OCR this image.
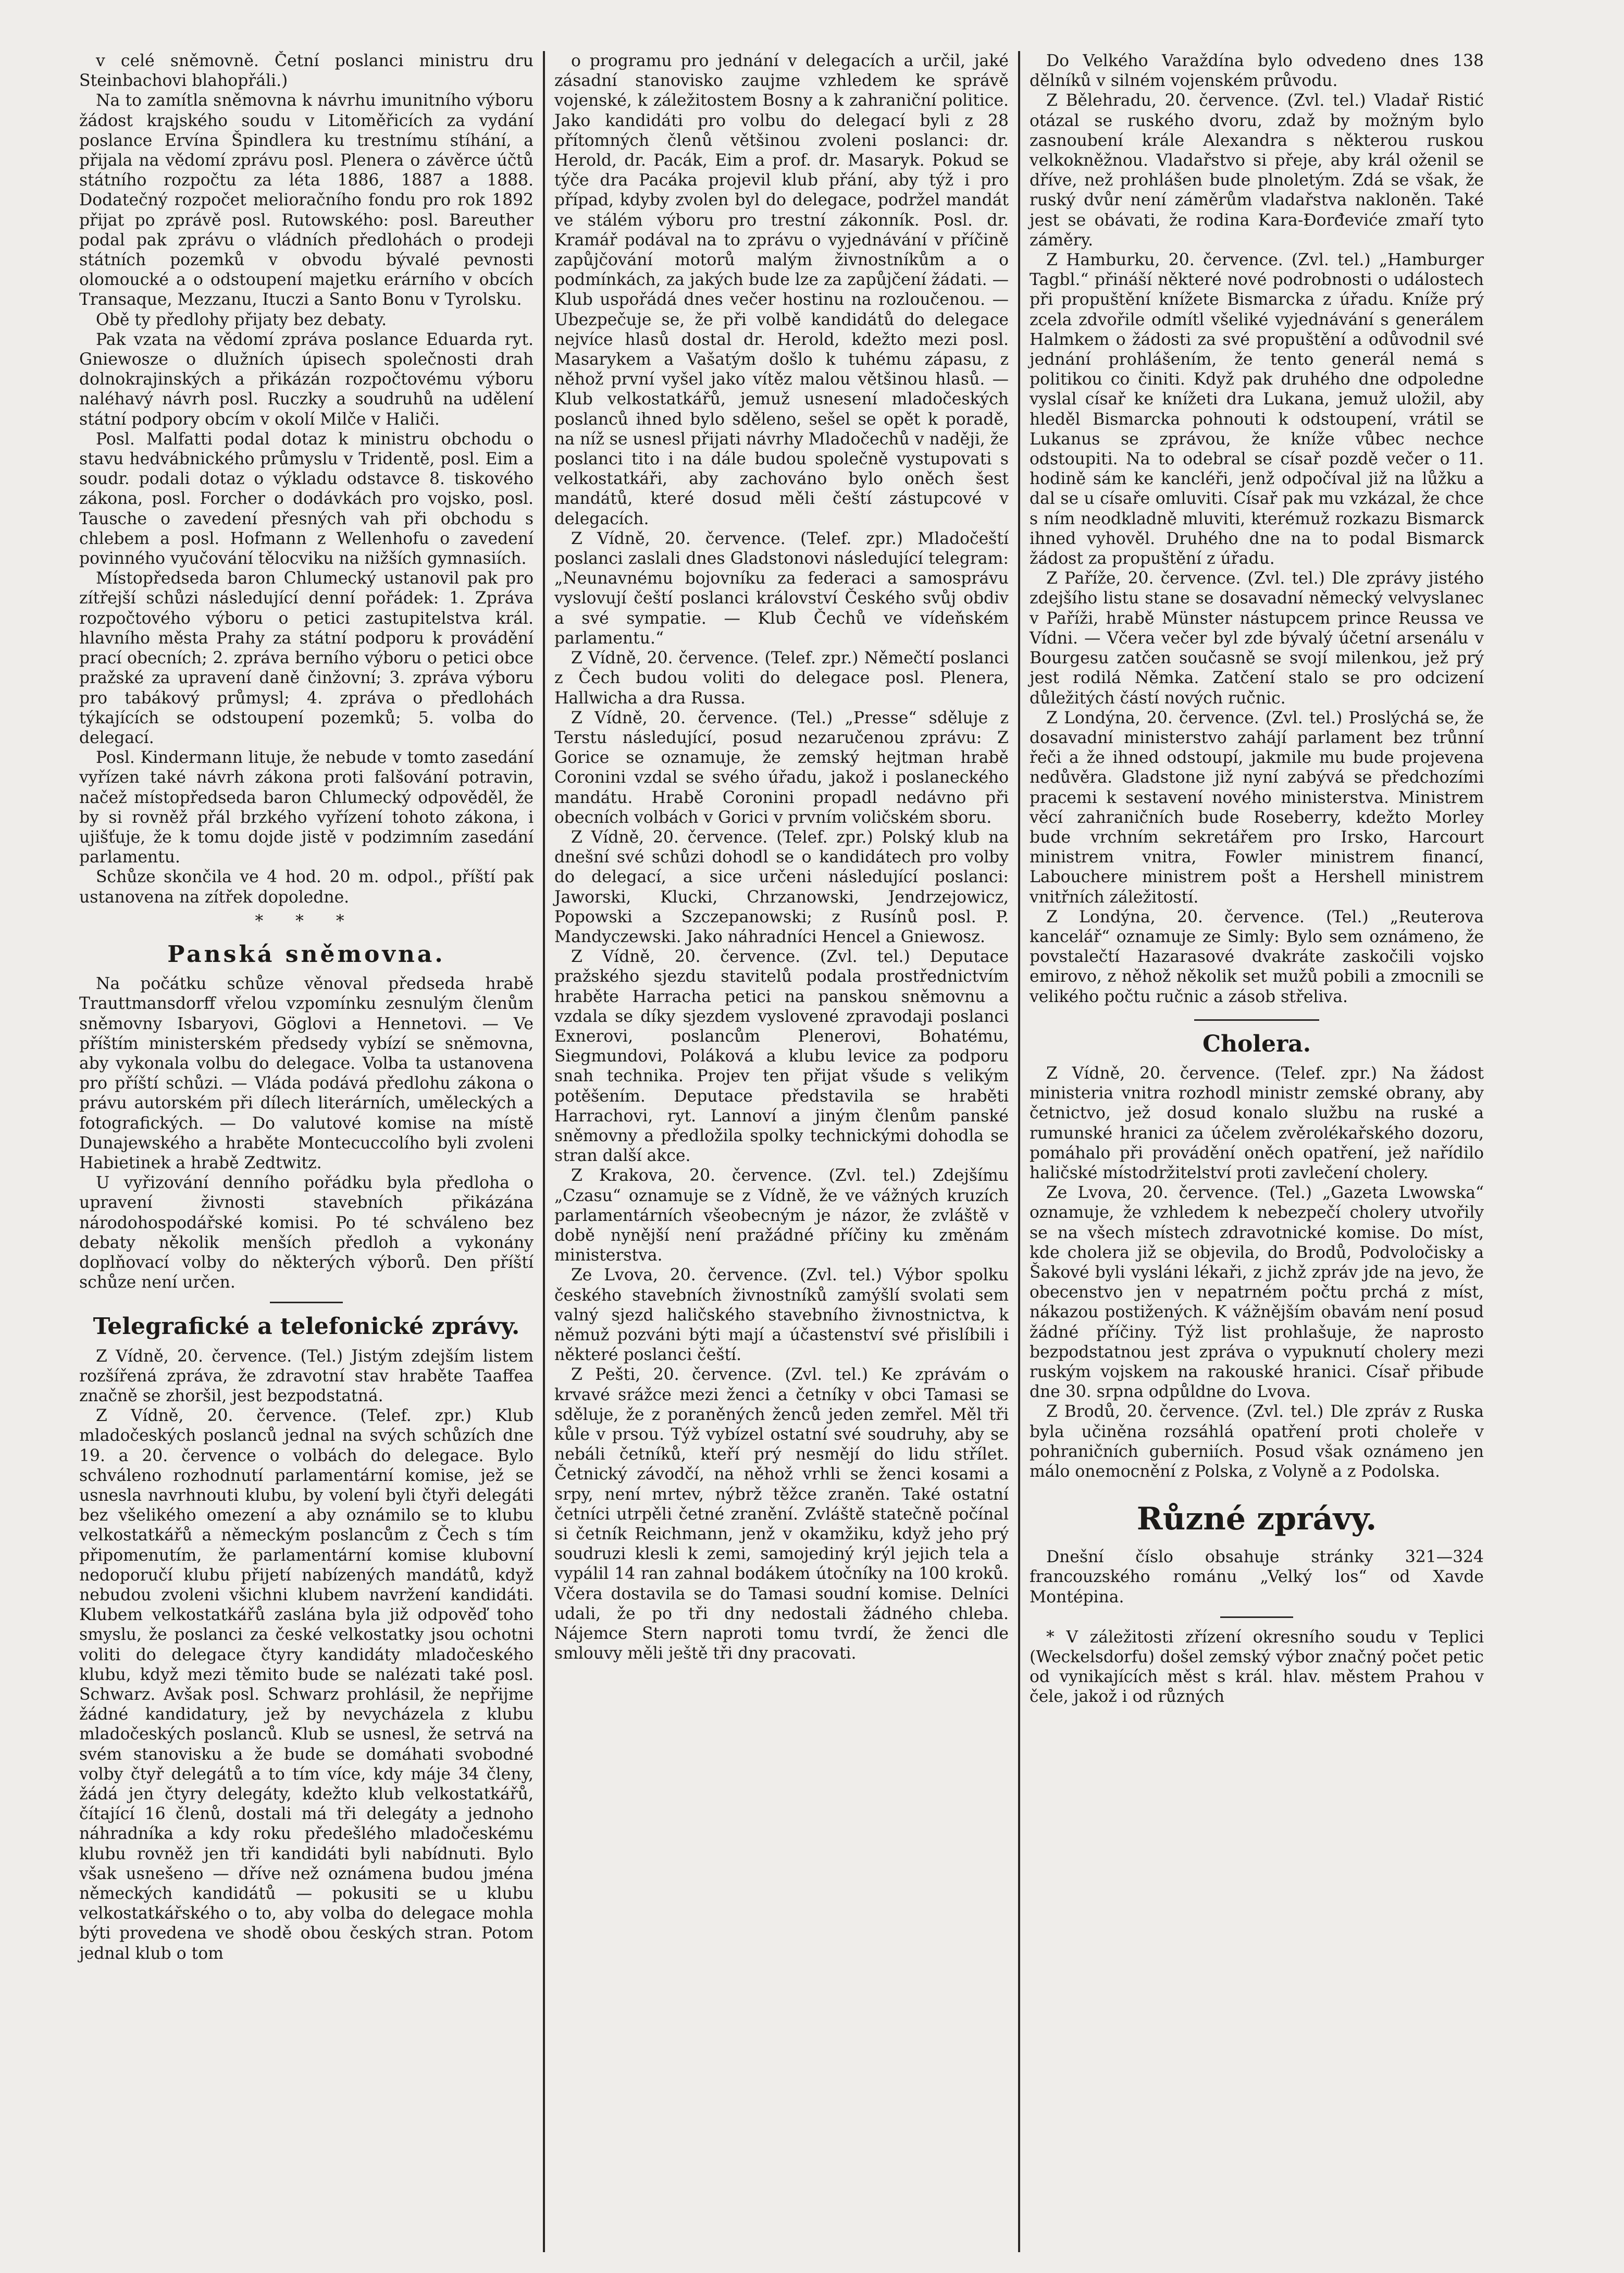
v celé sněmovně. Četní poslanci ministru dru Steinbachovi blahopřáli.)

Na to zamítla sněmovna k návrhu imunitního výboru žádost krajského soudu v Litoměřicích za vydání poslance Ervína Špindlera ku trestnímu stíhání, a přijala na vědomí zprávu posl. Plenera o závěrce účtů státního rozpočtu za léta 1886, 1887 a 1888. Dodatečný rozpočet melioračního fondu pro rok 1892 přijat po zprávě posl. Rutowského: posl. Bareuther podal pak zprávu o vládních předlohách o prodeji státních pozemků v obvodu bývalé pevnosti olomoucké a o odstoupení majetku erárního v obcích Transaque, Mezzanu, Ituczi a Santo Bonu v Tyrolsku.

Obě ty předlohy přijaty bez debaty.

Pak vzata na vědomí zpráva poslance Eduarda ryt. Gniewosze o dlužních úpisech společnosti drah dolnokrajinských a přikázán rozpočtovému výboru naléhavý návrh posl. Ruczky a soudruhů na udělení státní podpory obcím v okolí Milče v Haliči.

Posl. Malfatti podal dotaz k ministru obchodu o stavu hedvábnického průmyslu v Tridentě, posl. Eim a soudr. podali dotaz o výkladu odstavce 8. tiskového zákona, posl. Forcher o dodávkách pro vojsko, posl. Tausche o zavedení přesných vah při obchodu s chlebem a posl. Hofmann z Wellenhofu o zavedení povinného vyučování tělocviku na nižších gymnasiích.

Místopředseda baron Chlumecký ustanovil pak pro zítřejší schůzi následující denní pořádek: 1. Zpráva rozpočtového výboru o petici zastupitelstva král. hlavního města Prahy za státní podporu k provádění prací obecních; 2. zpráva berního výboru o petici obce pražské za upravení daně činžovní; 3. zpráva výboru pro tabákový průmysl; 4. zpráva o předlohách týkajících se odstoupení pozemků; 5. volba do delegací.

Posl. Kindermann lituje, že nebude v tomto zasedání vyřízen také návrh zákona proti falšování potravin, načež místopředseda baron Chlumecký odpověděl, že by si rovněž přál brzkého vyřízení tohoto zákona, i ujišťuje, že k tomu dojde jistě v podzimním zasedání parlamentu.

Schůze skončila ve 4 hod. 20 m. odpol., příští pak ustanovena na zítřek dopoledne.

* * *
Panská sněmovna.

Na počátku schůze věnoval předseda hrabě Trauttmansdorff vřelou vzpomínku zesnulým členům sněmovny Isbaryovi, Göglovi a Hennetovi. — Ve příštím ministerském předsedy vybízí se sněmovna, aby vykonala volbu do delegace. Volba ta ustanovena pro příští schůzi. — Vláda podává předlohu zákona o právu autorském při dílech literárních, uměleckých a fotografických. — Do valutové komise na místě Dunajewského a hraběte Montecuccolího byli zvoleni Habietinek a hrabě Zedtwitz.

U vyřizování denního pořádku byla předloha o upravení živnosti stavebních přikázána národohospodářské komisi. Po té schváleno bez debaty několik menších předloh a vykonány doplňovací volby do některých výborů. Den příští schůze není určen.

Telegrafické a telefonické zprávy.

Z Vídně, 20. července. (Tel.) Jistým zdejším listem rozšířená zpráva, že zdravotní stav hraběte Taaffea značně se zhoršil, jest bezpodstatná.

Z Vídně, 20. července. (Telef. zpr.) Klub mladočeských poslanců jednal na svých schůzích dne 19. a 20. července o volbách do delegace. Bylo schváleno rozhodnutí parlamentární komise, jež se usnesla navrhnouti klubu, by volení byli čtyři delegáti bez všelikého omezení a aby oznámilo se to klubu velkostatkářů a německým poslancům z Čech s tím připomenutím, že parlamentární komise klubovní nedoporučí klubu přijetí nabízených mandátů, když nebudou zvoleni všichni klubem navržení kandidáti. Klubem velkostatkářů zaslána byla již odpověď toho smyslu, že poslanci za české velkostatky jsou ochotni voliti do delegace čtyry kandidáty mladočeského klubu, když mezi těmito bude se nalézati také posl. Schwarz. Avšak posl. Schwarz prohlásil, že nepřijme žádné kandidatury, jež by nevycházela z klubu mladočeských poslanců. Klub se usnesl, že setrvá na svém stanovisku a že bude se domáhati svobodné volby čtyř delegátů a to tím více, kdy máje 34 členy, žádá jen čtyry delegáty, kdežto klub velkostatkářů, čítající 16 členů, dostali má tři delegáty a jednoho náhradníka a kdy roku předešlého mladočeskému klubu rovněž jen tři kandidáti byli nabídnuti. Bylo však usnešeno — dříve než oznámena budou jména německých kandidátů — pokusiti se u klubu velkostatkářského o to, aby volba do delegace mohla býti provedena ve shodě obou českých stran. Potom jednal klub o tom

o programu pro jednání v delegacích a určil, jaké zásadní stanovisko zaujme vzhledem ke správě vojenské, k záležitostem Bosny a k zahraniční politice. Jako kandidáti pro volbu do delegací byli z 28 přítomných členů většinou zvoleni poslanci: dr. Herold, dr. Pacák, Eim a prof. dr. Masaryk. Pokud se týče dra Pacáka projevil klub přání, aby týž i pro případ, kdyby zvolen byl do delegace, podržel mandát ve stálém výboru pro trestní zákonník. Posl. dr. Kramář podával na to zprávu o vyjednávání v příčině zapůjčování motorů malým živnostníkům a o podmínkách, za jakých bude lze za zapůjčení žádati. — Klub uspořádá dnes večer hostinu na rozloučenou. — Ubezpečuje se, že při volbě kandidátů do delegace nejvíce hlasů dostal dr. Herold, kdežto mezi posl. Masarykem a Vašatým došlo k tuhému zápasu, z něhož první vyšel jako vítěz malou většinou hlasů. — Klub velkostatkářů, jemuž usnesení mladočeských poslanců ihned bylo sděleno, sešel se opět k poradě, na níž se usnesl přijati návrhy Mladočechů v naději, že poslanci tito i na dále budou společně vystupovati s velkostatkáři, aby zachováno bylo oněch šest mandátů, které dosud měli čeští zástupcové v delegacích.

Z Vídně, 20. července. (Telef. zpr.) Mladočeští poslanci zaslali dnes Gladstonovi následující telegram: „Neunavnému bojovníku za federaci a samosprávu vyslovují čeští poslanci království Českého svůj obdiv a své sympatie. — Klub Čechů ve vídeňském parlamentu.“

Z Vídně, 20. července. (Telef. zpr.) Němečtí poslanci z Čech budou voliti do delegace posl. Plenera, Hallwicha a dra Russa.

Z Vídně, 20. července. (Tel.) „Presse“ sděluje z Terstu následující, posud nezaručenou zprávu: Z Gorice se oznamuje, že zemský hejtman hrabě Coronini vzdal se svého úřadu, jakož i poslaneckého mandátu. Hrabě Coronini propadl nedávno při obecních volbách v Gorici v prvním voličském sboru.

Z Vídně, 20. července. (Telef. zpr.) Polský klub na dnešní své schůzi dohodl se o kandidátech pro volby do delegací, a sice určeni následující poslanci: Jaworski, Klucki, Chrzanowski, Jendrzejowicz, Popowski a Szczepanowski; z Rusínů posl. P. Mandyczewski. Jako náhradníci Hencel a Gniewosz.

Z Vídně, 20. července. (Zvl. tel.) Deputace pražského sjezdu stavitelů podala prostřednictvím hraběte Harracha petici na panskou sněmovnu a vzdala se díky sjezdem vyslovené zpravodaji poslanci Exnerovi, poslancům Plenerovi, Bohatému, Siegmundovi, Poláková a klubu levice za podporu snah technika. Projev ten přijat všude s velikým potěšením. Deputace představila se hraběti Harrachovi, ryt. Lannoví a jiným členům panské sněmovny a předložila spolky technickými dohodla se stran další akce.

Z Krakova, 20. července. (Zvl. tel.) Zdejšímu „Czasu“ oznamuje se z Vídně, že ve vážných kruzích parlamentárních všeobecným je názor, že zvláště v době nynější není pražádné příčiny ku změnám ministerstva.

Ze Lvova, 20. července. (Zvl. tel.) Výbor spolku českého stavebních živnostníků zamýšlí svolati sem valný sjezd haličského stavebního živnostnictva, k němuž pozváni býti mají a účastenství své přislíbili i některé poslanci čeští.

Z Pešti, 20. července. (Zvl. tel.) Ke zprávám o krvavé srážce mezi ženci a četníky v obci Tamasi se sděluje, že z poraněných ženců jeden zemřel. Měl tři kůle v prsou. Týž vybízel ostatní své soudruhy, aby se nebáli četníků, kteří prý nesmějí do lidu střílet. Četnický závodčí, na něhož vrhli se ženci kosami a srpy, není mrtev, nýbrž těžce zraněn. Také ostatní četníci utrpěli četné zranění. Zvláště statečně počínal si četník Reichmann, jenž v okamžiku, když jeho prý soudruzi klesli k zemi, samojediný krýl jejich tela a vypálil 14 ran zahnal bodákem útočníky na 100 kroků. Včera dostavila se do Tamasi soudní komise. Delníci udali, že po tři dny nedostali žádného chleba. Nájemce Stern naproti tomu tvrdí, že ženci dle smlouvy měli ještě tři dny pracovati.

Do Velkého Varaždína bylo odvedeno dnes 138 dělníků v silném vojenském průvodu.

Z Bělehradu, 20. července. (Zvl. tel.) Vladař Ristić otázal se ruského dvoru, zdaž by možným bylo zasnoubení krále Alexandra s některou ruskou velkokněžnou. Vladařstvo si přeje, aby král oženil se dříve, než prohlášen bude plnoletým. Zdá se však, že ruský dvůr není záměrům vladařstva nakloněn. Také jest se obávati, že rodina Kara-Đorđeviće zmaří tyto záměry.

Z Hamburku, 20. července. (Zvl. tel.) „Hamburger Tagbl.“ přináší některé nové podrobnosti o událostech při propuštění knížete Bismarcka z úřadu. Kníže prý zcela zdvořile odmítl všeliké vyjednávání s generálem Halmkem o žádosti za své propuštění a odůvodnil své jednání prohlášením, že tento generál nemá s politikou co činiti. Když pak druhého dne odpoledne vyslal císař ke knížeti dra Lukana, jemuž uložil, aby hleděl Bismarcka pohnouti k odstoupení, vrátil se Lukanus se zprávou, že kníže vůbec nechce odstoupiti. Na to odebral se císař pozdě večer o 11. hodině sám ke kancléři, jenž odpočíval již na lůžku a dal se u císaře omluviti. Císař pak mu vzkázal, že chce s ním neodkladně mluviti, kterémuž rozkazu Bismarck ihned vyhověl. Druhého dne na to podal Bismarck žádost za propuštění z úřadu.

Z Paříže, 20. července. (Zvl. tel.) Dle zprávy jistého zdejšího listu stane se dosavadní německý velvyslanec v Paříži, hrabě Münster nástupcem prince Reussa ve Vídni. — Včera večer byl zde bývalý účetní arsenálu v Bourgesu zatčen současně se svojí milenkou, jež prý jest rodilá Němka. Zatčení stalo se pro odcizení důležitých částí nových ručnic.

Z Londýna, 20. července. (Zvl. tel.) Proslýchá se, že dosavadní ministerstvo zahájí parlament bez trůnní řeči a že ihned odstoupí, jakmile mu bude projevena nedůvěra. Gladstone již nyní zabývá se předchozími pracemi k sestavení nového ministerstva. Ministrem věcí zahraničních bude Roseberry, kdežto Morley bude vrchním sekretářem pro Irsko, Harcourt ministrem vnitra, Fowler ministrem financí, Labouchere ministrem pošt a Hershell ministrem vnitřních záležitostí.

Z Londýna, 20. července. (Tel.) „Reuterova kancelář“ oznamuje ze Simly: Bylo sem oznámeno, že povstalečtí Hazarasové dvakráte zaskočili vojsko emirovo, z něhož několik set mužů pobili a zmocnili se velikého počtu ručnic a zásob střeliva.

Cholera.

Z Vídně, 20. července. (Telef. zpr.) Na žádost ministeria vnitra rozhodl ministr zemské obrany, aby četnictvo, jež dosud konalo službu na ruské a rumunské hranici za účelem zvěrolékařského dozoru, pomáhalo při provádění oněch opatření, jež nařídilo haličské místodržitelství proti zavlečení cholery.

Ze Lvova, 20. července. (Tel.) „Gazeta Lwowska“ oznamuje, že vzhledem k nebezpečí cholery utvořily se na všech místech zdravotnické komise. Do míst, kde cholera již se objevila, do Brodů, Podvoločisky a Šakové byli vysláni lékaři, z jichž zpráv jde na jevo, že obecenstvo jen v nepatrném počtu prchá z míst, nákazou postižených. K vážnějším obavám není posud žádné příčiny. Týž list prohlašuje, že naprosto bezpodstatnou jest zpráva o vypuknutí cholery mezi ruským vojskem na rakouské hranici. Císař přibude dne 30. srpna odpůldne do Lvova.

Z Brodů, 20. července. (Zvl. tel.) Dle zpráv z Ruska byla učiněna rozsáhlá opatření proti choleře v pohraničních guberniích. Posud však oznámeno jen málo onemocnění z Polska, z Volyně a z Podolska.

Různé zprávy.

Dnešní číslo obsahuje stránky 321—324 francouzského románu „Velký los“ od Xavde Montépina.

* V záležitosti zřízení okresního soudu v Teplici (Weckelsdorfu) došel zemský výbor značný počet petic od vynikajících měst s král. hlav. městem Prahou v čele, jakož i od různých
